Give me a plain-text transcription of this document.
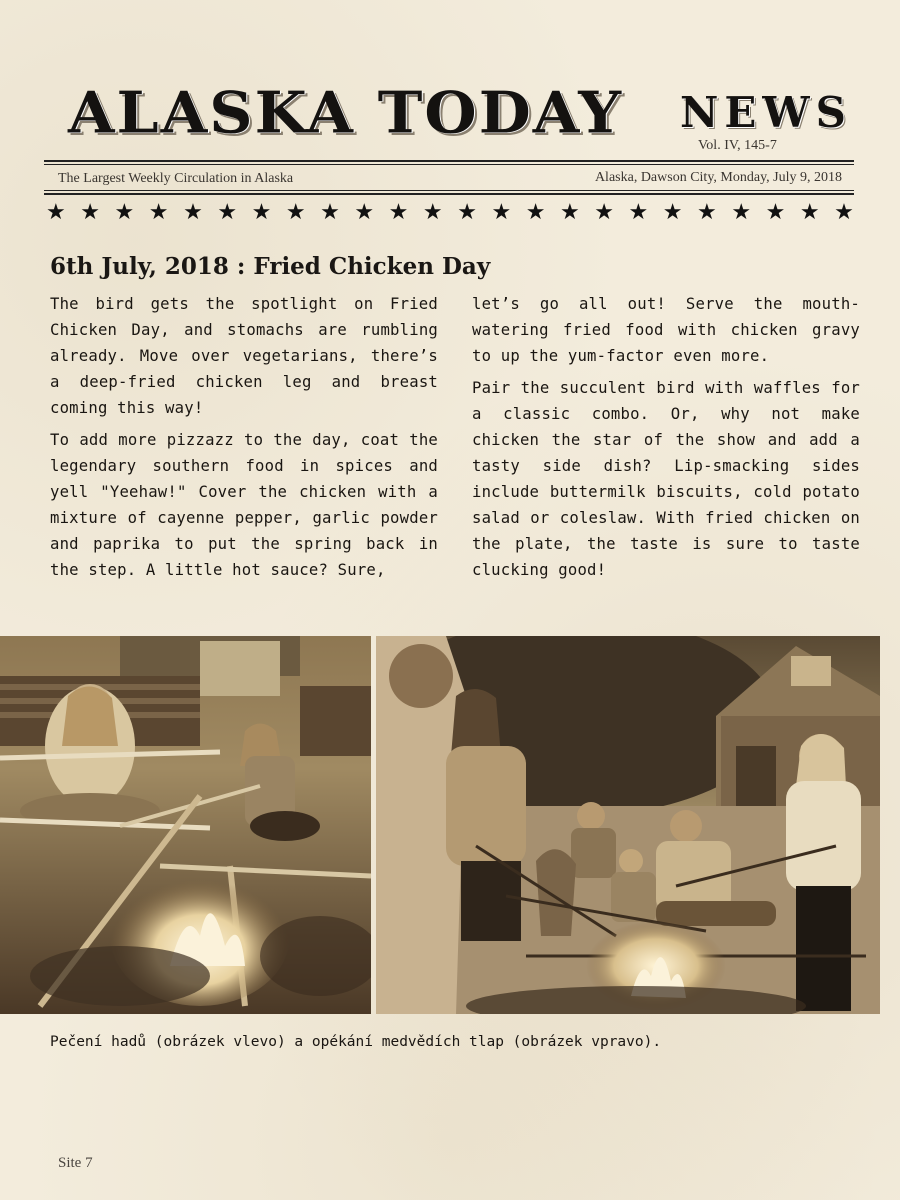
ALASKA TODAY NEWS
Vol. IV, 145-7
The Largest Weekly Circulation in Alaska	Alaska, Dawson City, Monday, July 9, 2018
★ ★ ★ ★ ★ ★ ★ ★ ★ ★ ★ ★ ★ ★ ★ ★ ★ ★ ★ ★ ★ ★ ★ ★
6th July, 2018 : Fried Chicken Day

The bird gets the spotlight on Fried Chicken Day, and stomachs are rumbling already. Move over vegetarians, there’s a deep-fried chicken leg and breast coming this way!

To add more pizzazz to the day, coat the legendary southern food in spices and yell "Yeehaw!" Cover the chicken with a mixture of cayenne pepper, garlic powder and paprika to put the spring back in the step. A little hot sauce? Sure,

let’s go all out! Serve the mouth-watering fried food with chicken gravy to up the yum-factor even more.

Pair the succulent bird with waffles for a classic combo. Or, why not make chicken the star of the show and add a tasty side dish? Lip-smacking sides include buttermilk biscuits, cold potato salad or coleslaw. With fried chicken on the plate, the taste is sure to taste clucking good!

Pečení hadů (obrázek vlevo) a opékání medvědích tlap (obrázek vpravo).
Site 7
